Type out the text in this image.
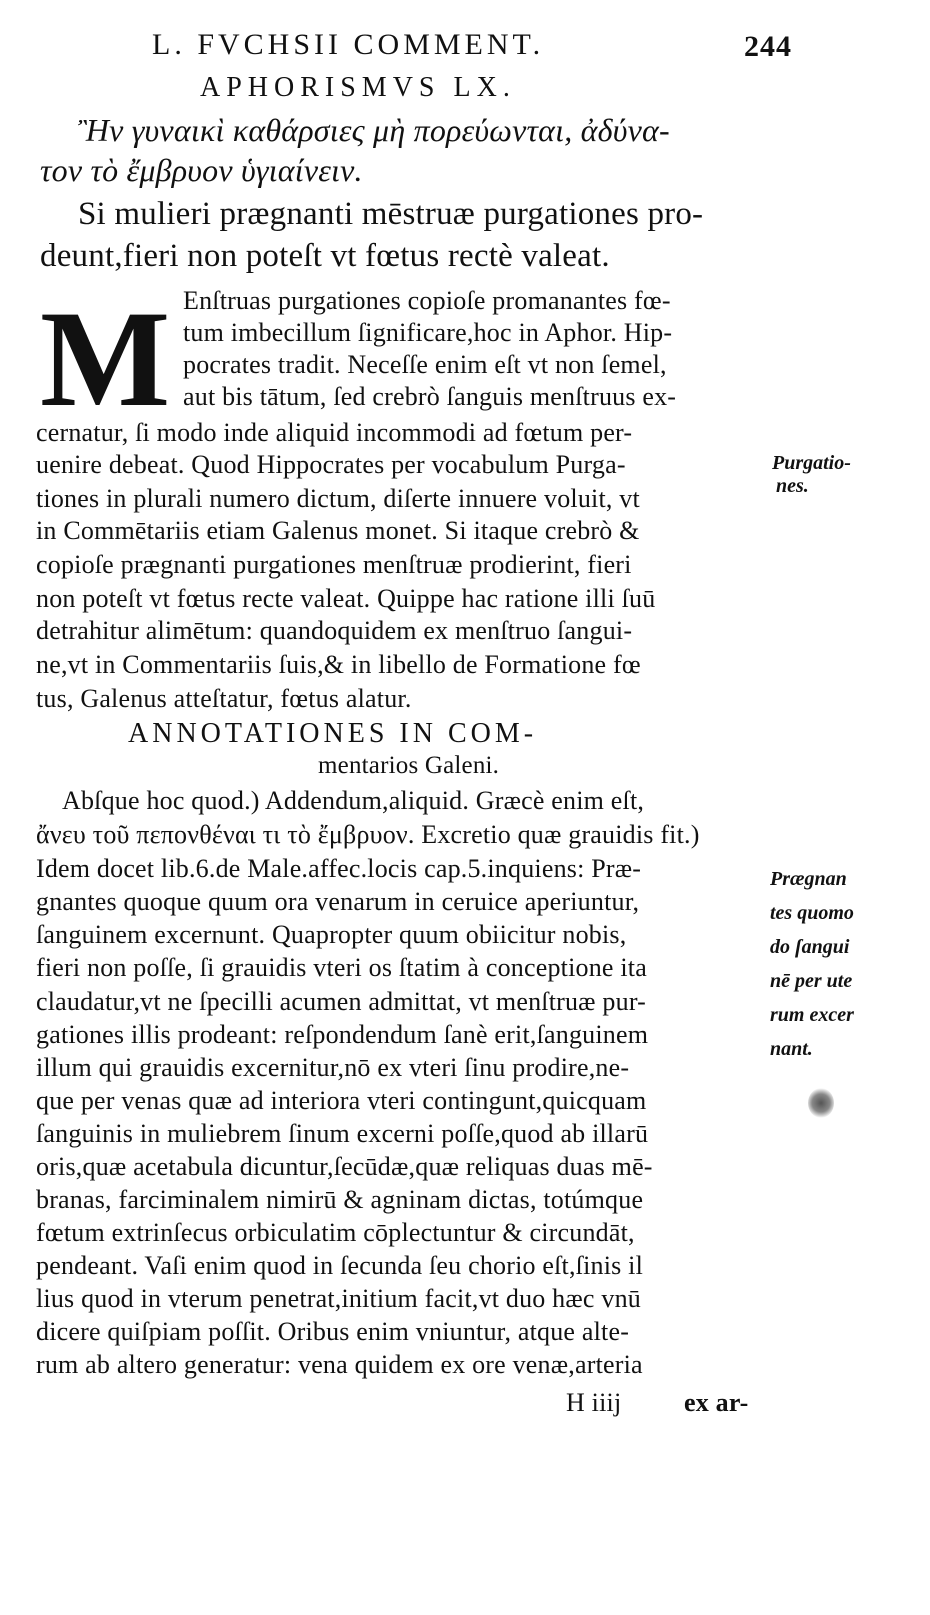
L. FVCHSII COMMENT.	244
APHORISMVS LX.
Ἢν γυναικὶ καθάρσιες μὴ πορεύωνται, ἀδύνα-
τον τὸ ἔμβρυον ὑγιαίνειν.
Si mulieri prægnanti mēstruæ purgationes pro-
deunt,fieri non poteſt vt fœtus rectè valeat.
M Enſtruas purgationes copioſe promanantes fœ-
tum imbecillum ſignificare,hoc in Aphor. Hip-
pocrates tradit. Neceſſe enim eſt vt non ſemel,
aut bis tātum, ſed crebrò ſanguis menſtruus ex-
cernatur, ſi modo inde aliquid incommodi ad fœtum per-
uenire debeat. Quod Hippocrates per vocabulum Purga-
tiones in plurali numero dictum, diſerte innuere voluit, vt
in Commētariis etiam Galenus monet. Si itaque crebrò &
copioſe prægnanti purgationes menſtruæ prodierint, fieri
non poteſt vt fœtus recte valeat. Quippe hac ratione illi ſuū
detrahitur alimētum: quandoquidem ex menſtruo ſangui-
ne,vt in Commentariis ſuis,& in libello de Formatione fœ
tus, Galenus atteſtatur, fœtus alatur.
Purgatio-
nes.
ANNOTATIONES IN COM-
mentarios Galeni.
Abſque hoc quod.) Addendum,aliquid. Græcè enim eſt,
ἄνευ τοῦ πεπονθέναι τι τὸ ἔμβρυον. Excretio quæ grauidis fit.)
Idem docet lib.6.de Male.affec.locis cap.5.inquiens: Præ-
gnantes quoque quum ora venarum in ceruice aperiuntur,
ſanguinem excernunt. Quapropter quum obiicitur nobis,
fieri non poſſe, ſi grauidis vteri os ſtatim à conceptione ita
claudatur,vt ne ſpecilli acumen admittat, vt menſtruæ pur-
gationes illis prodeant: reſpondendum ſanè erit,ſanguinem
illum qui grauidis excernitur,nō ex vteri ſinu prodire,ne-
que per venas quæ ad interiora vteri contingunt,quicquam
ſanguinis in muliebrem ſinum excerni poſſe,quod ab illarū
oris,quæ acetabula dicuntur,ſecūdæ,quæ reliquas duas mē-
branas, farciminalem nimirū & agninam dictas, totúmque
fœtum extrinſecus orbiculatim cōplectuntur & circundāt,
pendeant. Vaſi enim quod in ſecunda ſeu chorio eſt,ſinis il
lius quod in vterum penetrat,initium facit,vt duo hæc vnū
dicere quiſpiam poſſit. Oribus enim vniuntur, atque alte-
rum ab altero generatur: vena quidem ex ore venæ,arteria
Prægnan
tes quomo
do ſangui
nē per ute
rum excer
nant.
H iiij ex ar-
